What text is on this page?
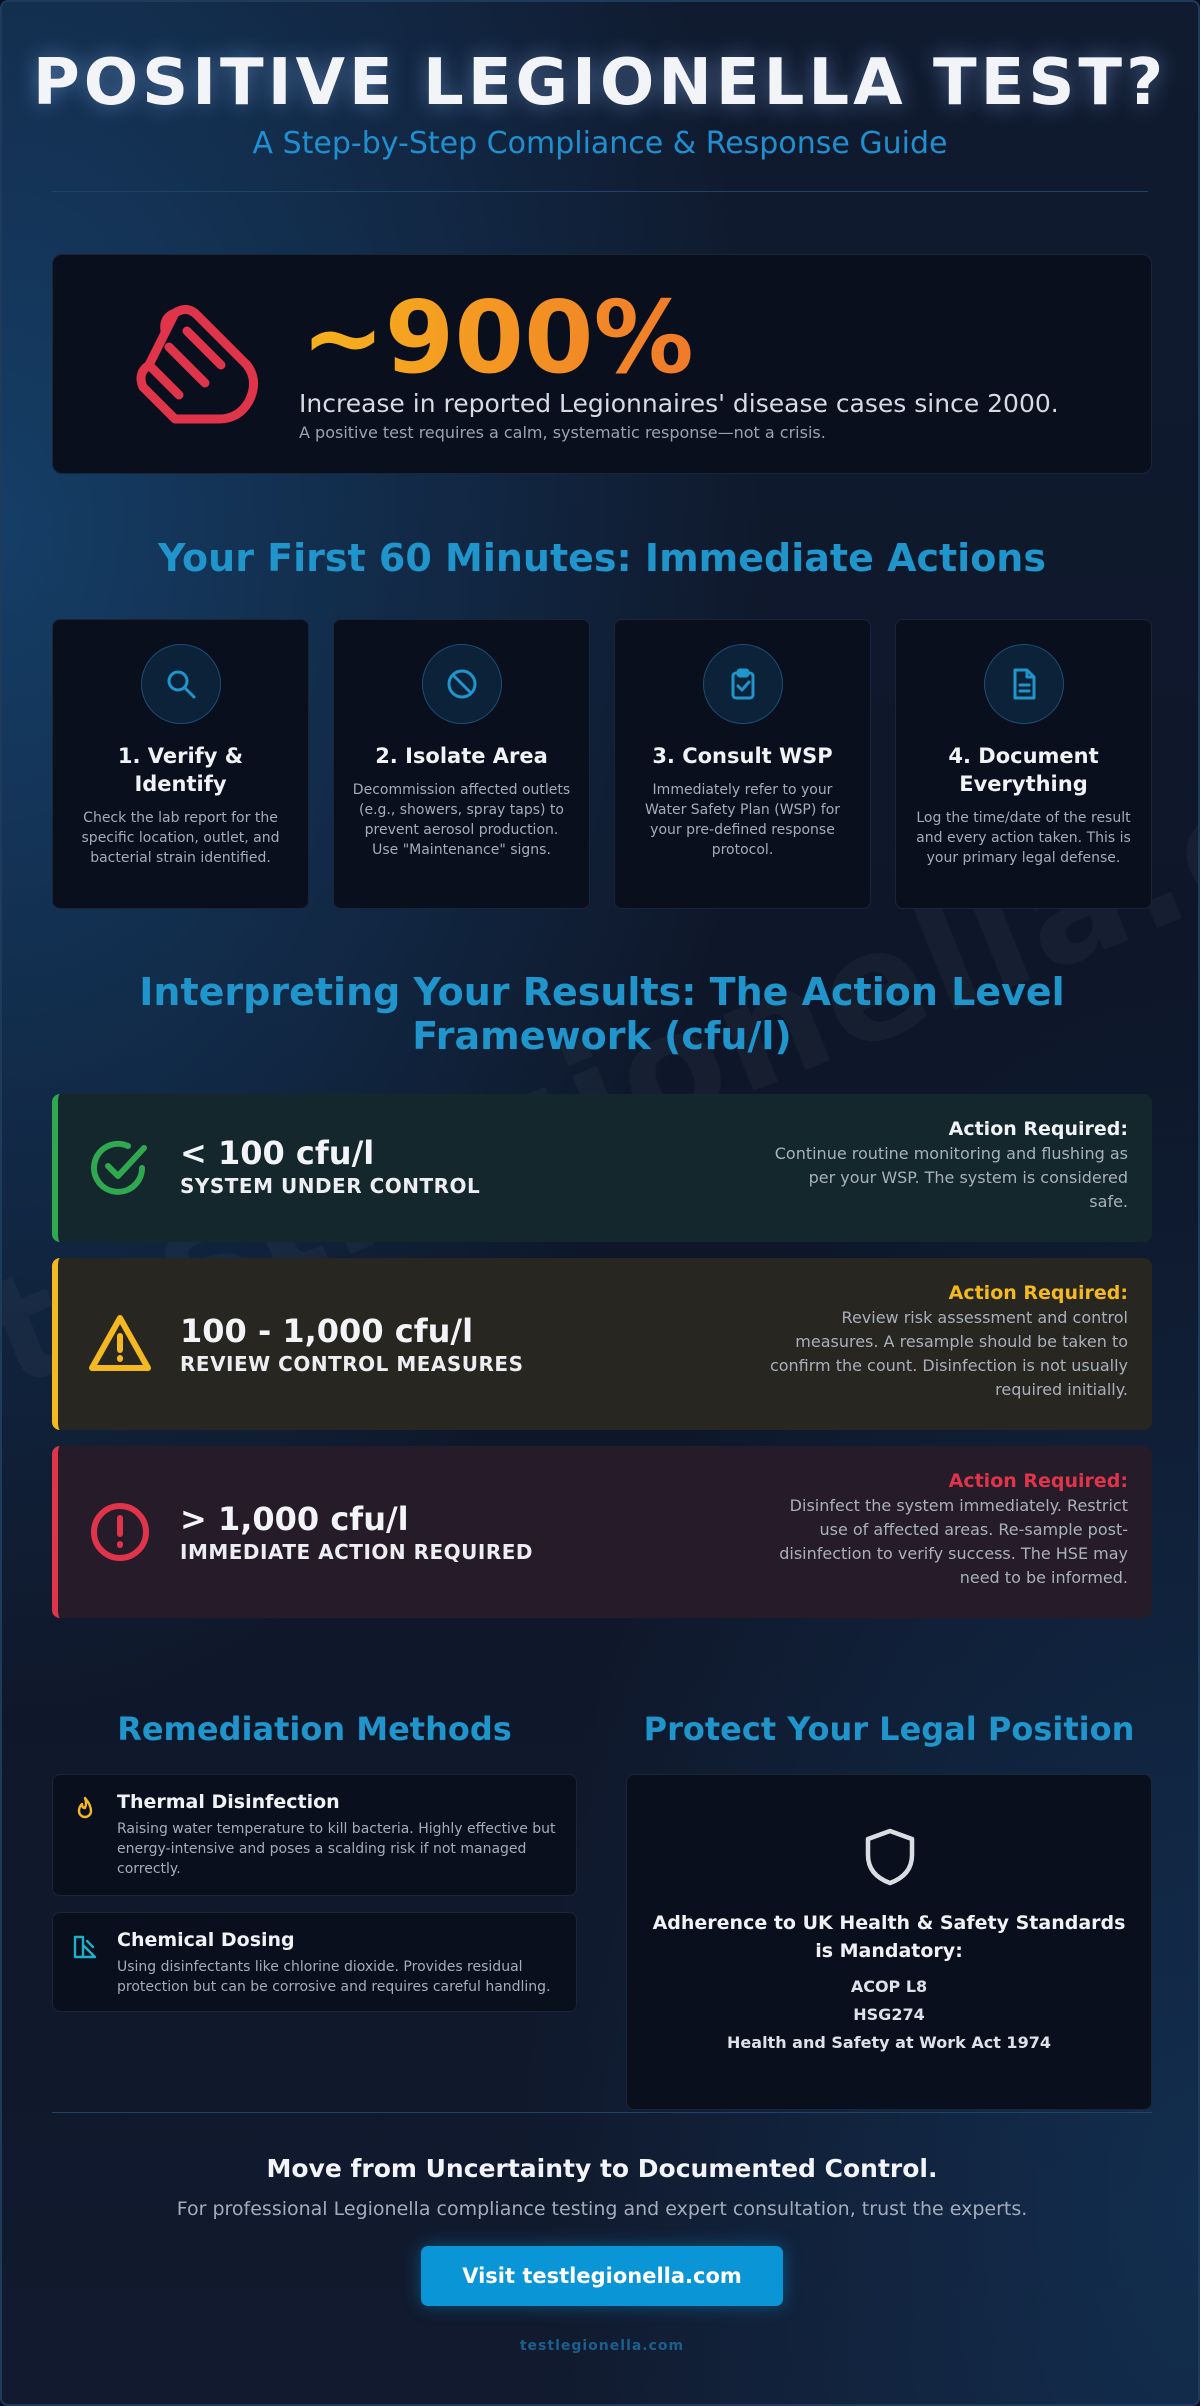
POSITIVE LEGIONELLA TEST?
A Step-by-Step Compliance & Response Guide
~900%
Increase in reported Legionnaires' disease cases since 2000.
A positive test requires a calm, systematic response—not a crisis.
Your First 60 Minutes: Immediate Actions
1. Verify & Identify
Check the lab report for the specific location, outlet, and bacterial strain identified.
2. Isolate Area
Decommission affected outlets (e.g., showers, spray taps) to prevent aerosol production. Use "Maintenance" signs.
3. Consult WSP
Immediately refer to your Water Safety Plan (WSP) for your pre-defined response protocol.
4. Document Everything
Log the time/date of the result and every action taken. This is your primary legal defense.
Interpreting Your Results: The Action Level Framework (cfu/l)
< 100 cfu/l
SYSTEM UNDER CONTROL
Action Required:
Continue routine monitoring and flushing as per your WSP. The system is considered safe.
100 - 1,000 cfu/l
REVIEW CONTROL MEASURES
Action Required:
Review risk assessment and control measures. A resample should be taken to confirm the count. Disinfection is not usually required initially.
> 1,000 cfu/l
IMMEDIATE ACTION REQUIRED
Action Required:
Disinfect the system immediately. Restrict use of affected areas. Re-sample post-disinfection to verify success. The HSE may need to be informed.
Remediation Methods
Thermal Disinfection
Raising water temperature to kill bacteria. Highly effective but energy-intensive and poses a scalding risk if not managed correctly.
Chemical Dosing
Using disinfectants like chlorine dioxide. Provides residual protection but can be corrosive and requires careful handling.
Protect Your Legal Position
Adherence to UK Health & Safety Standards is Mandatory:
ACOP L8
HSG274
Health and Safety at Work Act 1974
Move from Uncertainty to Documented Control.
For professional Legionella compliance testing and expert consultation, trust the experts.
Visit testlegionella.com
testlegionella.com
